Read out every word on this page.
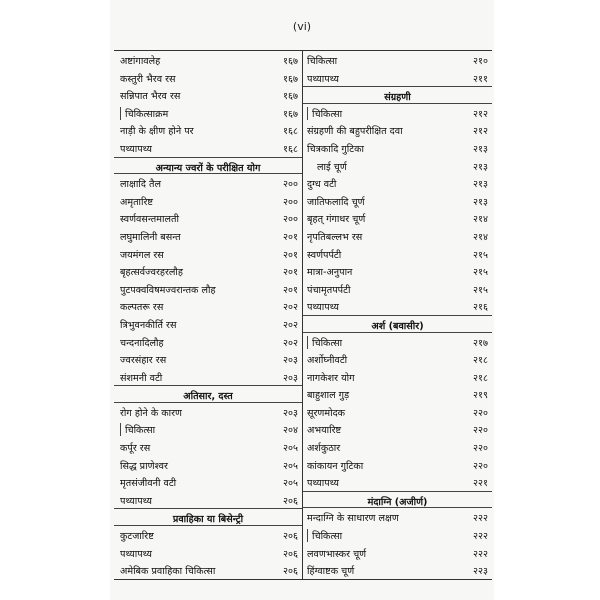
(vi)
अष्टांगावलेह	१६७
कस्तुरी भैरव रस	१६७
सन्निपात भैरव रस	१६७
चिकित्साक्रम	१६७
नाड़ी के क्षीण होने पर	१६८
पथ्यापथ्य	१६८
अन्यान्य ज्वरों के परीक्षित योग
लाक्षादि तैल	२००
अमृतारिष्ट	२००
स्वर्णवसन्तमालती	२००
लघुमालिनी बसन्त	२०१
जयमंगल रस	२०१
बृहत्सर्वज्वरहरलौह	२०१
पुटपक्वविषमज्वरान्तक लौह	२०१
कल्पतरू रस	२०२
त्रिभुवनकीर्ति रस	२०२
चन्दनादिलौह	२०२
ज्वरसंहार रस	२०३
संशमनी वटी	२०३
अतिसार, दस्त
रोग होने के कारण	२०३
चिकित्सा	२०४
कर्पूर रस	२०५
सिद्ध प्राणेश्वर	२०५
मृतसंजीवनी वटी	२०५
पथ्यापथ्य	२०६
प्रवाहिका या बिसेन्ट्री
कुटजारिष्ट	२०६
पथ्यापथ्य	२०६
अमेबिक प्रवाहिका चिकित्सा	२०६
चिकित्सा	२१०
पथ्यापथ्य	२११
संग्रहणी
चिकित्सा	२१२
संग्रहणी की बहुपरीक्षित दवा	२१२
चित्रकादि गुटिका	२१३
लाई चूर्ण	२१३
दुग्ध वटी	२१३
जातिफलादि चूर्ण	२१३
बृहत् गंगाधर चूर्ण	२१४
नृपतिबल्लभ रस	२१४
स्वर्णपर्पटी	२१५
मात्रा-अनुपान	२१५
पंचामृतपर्पटी	२१५
पथ्यापथ्य	२१६
अर्श (बवासीर)
चिकित्सा	२१७
अर्शोघ्नीवटी	२१८
नागकेशर योग	२१८
बाहुशाल गुड़	२१९
सूरणमोदक	२२०
अभयारिष्ट	२२०
अर्शकुठार	२२०
कांकायन गुटिका	२२०
पथ्यापथ्य	२२१
मंदाग्नि (अजीर्ण)
मन्दाग्नि के साधारण लक्षण	२२२
चिकित्सा	२२२
लवणभास्कर चूर्ण	२२२
हिंग्वाष्टक चूर्ण	२२३
